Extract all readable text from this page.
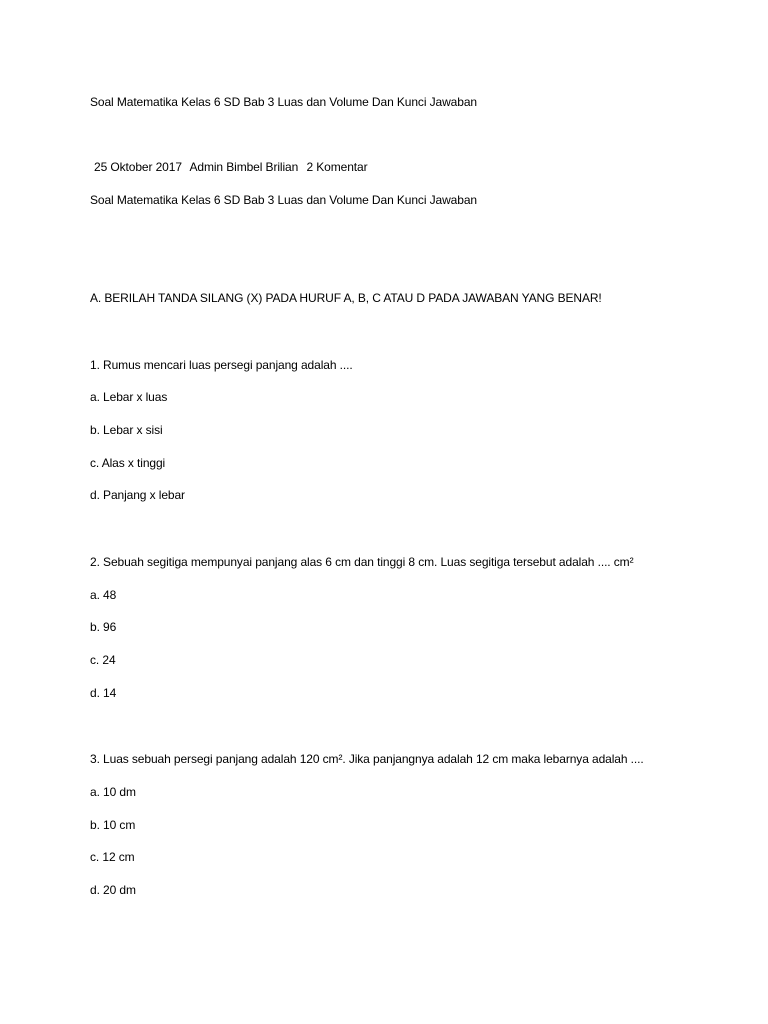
Soal Matematika Kelas 6 SD Bab 3 Luas dan Volume Dan Kunci Jawaban
25 Oktober 2017 Admin Bimbel Brilian 2 Komentar
Soal Matematika Kelas 6 SD Bab 3 Luas dan Volume Dan Kunci Jawaban
A. BERILAH TANDA SILANG (X) PADA HURUF A, B, C ATAU D PADA JAWABAN YANG BENAR!
1. Rumus mencari luas persegi panjang adalah ....
a. Lebar x luas
b. Lebar x sisi
c. Alas x tinggi
d. Panjang x lebar
2. Sebuah segitiga mempunyai panjang alas 6 cm dan tinggi 8 cm. Luas segitiga tersebut adalah .... cm²
a. 48
b. 96
c. 24
d. 14
3. Luas sebuah persegi panjang adalah 120 cm². Jika panjangnya adalah 12 cm maka lebarnya adalah ....
a. 10 dm
b. 10 cm
c. 12 cm
d. 20 dm
